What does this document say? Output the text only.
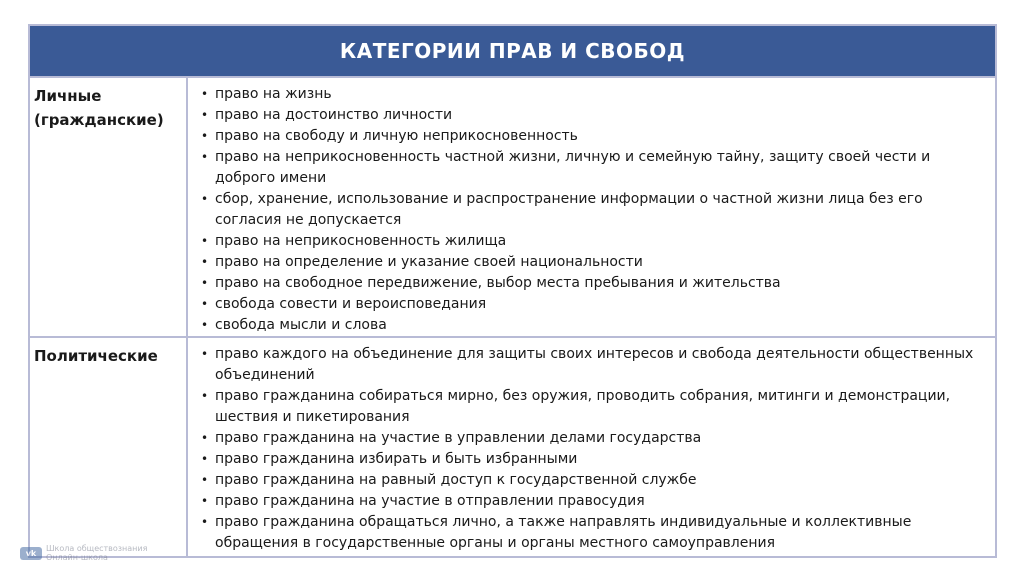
КАТЕГОРИИ ПРАВ И СВОБОД
Личные (гражданские)
• право на жизнь
• право на достоинство личности
• право на свободу и личную неприкосновенность
• право на неприкосновенность частной жизни, личную и семейную тайну, защиту своей чести и доброго имени
• сбор, хранение, использование и распространение информации о частной жизни лица без его согласия не допускается
• право на неприкосновенность жилища
• право на определение и указание своей национальности
• право на свободное передвижение, выбор места пребывания и жительства
• свобода совести и вероисповедания
• свобода мысли и слова
Политические	• право каждого на объединение для защиты своих интересов и свобода деятельности общественных объединений
• право гражданина собираться мирно, без оружия, проводить собрания, митинги и демонстрации, шествия и пикетирования
• право гражданина на участие в управлении делами государства
• право гражданина избирать и быть избранными
• право гражданина на равный доступ к государственной службе
• право гражданина на участие в отправлении правосудия
• право гражданина обращаться лично, а также направлять индивидуальные и коллективные обращения в государственные органы и органы местного самоуправления
vk	Школа обществознания
Онлайн-школа
